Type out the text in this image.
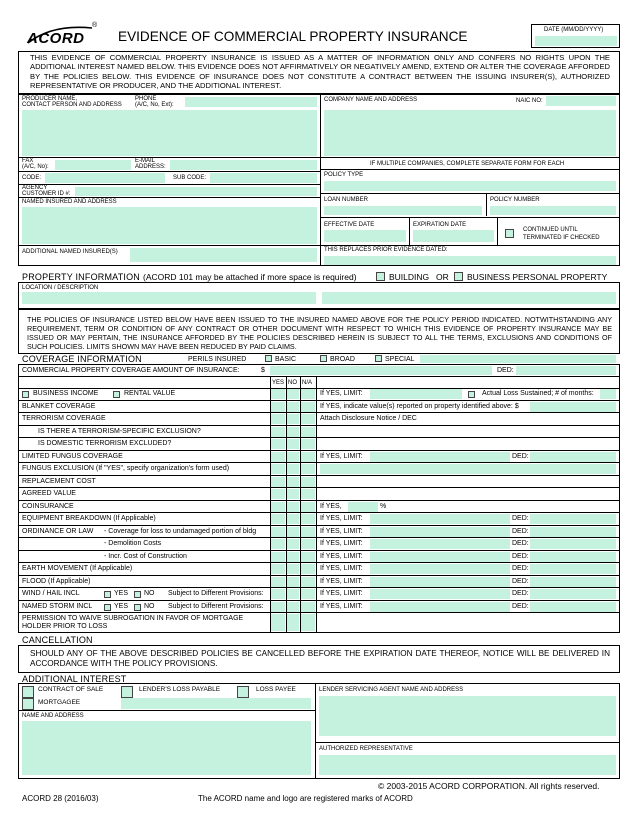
ACORD
®
EVIDENCE OF COMMERCIAL PROPERTY INSURANCE	DATE (MM/DD/YYYY)
THIS EVIDENCE OF COMMERCIAL PROPERTY INSURANCE IS ISSUED AS A MATTER OF INFORMATION ONLY AND CONFERS NO RIGHTS UPON THE ADDITIONAL INTEREST NAMED BELOW. THIS EVIDENCE DOES NOT AFFIRMATIVELY OR NEGATIVELY AMEND, EXTEND OR ALTER THE COVERAGE AFFORDED BY THE POLICIES BELOW. THIS EVIDENCE OF INSURANCE DOES NOT CONSTITUTE A CONTRACT BETWEEN THE ISSUING INSURER(S), AUTHORIZED REPRESENTATIVE OR PRODUCER, AND THE ADDITIONAL INTEREST.
PRODUCER NAME,
CONTACT PERSON AND ADDRESS
PHONE
(A/C, No, Ext):
FAX
(A/C, No):
E-MAIL
ADDRESS:
CODE:	SUB CODE:
AGENCY
CUSTOMER ID #:
NAMED INSURED AND ADDRESS
ADDITIONAL NAMED INSURED(S)
COMPANY NAME AND ADDRESS	NAIC NO:
IF MULTIPLE COMPANIES, COMPLETE SEPARATE FORM FOR EACH
POLICY TYPE
LOAN NUMBER	POLICY NUMBER
EFFECTIVE DATE	EXPIRATION DATE
CONTINUED UNTIL
TERMINATED IF CHECKED
THIS REPLACES PRIOR EVIDENCE DATED:
PROPERTY INFORMATION (ACORD 101 may be attached if more space is required)	BUILDING OR BUSINESS PERSONAL PROPERTY
LOCATION / DESCRIPTION
THE POLICIES OF INSURANCE LISTED BELOW HAVE BEEN ISSUED TO THE INSURED NAMED ABOVE FOR THE POLICY PERIOD INDICATED. NOTWITHSTANDING ANY REQUIREMENT, TERM OR CONDITION OF ANY CONTRACT OR OTHER DOCUMENT WITH RESPECT TO WHICH THIS EVIDENCE OF PROPERTY INSURANCE MAY BE ISSUED OR MAY PERTAIN, THE INSURANCE AFFORDED BY THE POLICIES DESCRIBED HEREIN IS SUBJECT TO ALL THE TERMS, EXCLUSIONS AND CONDITIONS OF SUCH POLICIES. LIMITS SHOWN MAY HAVE BEEN REDUCED BY PAID CLAIMS.
COVERAGE INFORMATION	PERILS INSURED	BASIC	BROAD	SPECIAL
COMMERCIAL PROPERTY COVERAGE AMOUNT OF INSURANCE:	$	DED:
YES NO N/A
BUSINESS INCOME	RENTAL VALUE	If YES, LIMIT:	Actual Loss Sustained; # of months:
BLANKET COVERAGE	If YES, indicate value(s) reported on property identified above: $
TERRORISM COVERAGE	Attach Disclosure Notice / DEC
IS THERE A TERRORISM-SPECIFIC EXCLUSION?
IS DOMESTIC TERRORISM EXCLUDED?
LIMITED FUNGUS COVERAGE	If YES, LIMIT:	DED:
FUNGUS EXCLUSION (If "YES", specify organization's form used)
REPLACEMENT COST
AGREED VALUE
COINSURANCE	If YES,	%
EQUIPMENT BREAKDOWN (If Applicable)	If YES, LIMIT:	DED:
ORDINANCE OR LAW - Coverage for loss to undamaged portion of bldg	If YES, LIMIT:	DED:
- Demolition Costs	If YES, LIMIT:	DED:
- Incr. Cost of Construction	If YES, LIMIT:	DED:
EARTH MOVEMENT (If Applicable)	If YES, LIMIT:	DED:
FLOOD (If Applicable)	If YES, LIMIT:	DED:
WIND / HAIL INCL	YES NO Subject to Different Provisions:	If YES, LIMIT:	DED:
NAMED STORM INCL	YES NO Subject to Different Provisions:	If YES, LIMIT:	DED:
PERMISSION TO WAIVE SUBROGATION IN FAVOR OF MORTGAGE
HOLDER PRIOR TO LOSS
CANCELLATION
SHOULD ANY OF THE ABOVE DESCRIBED POLICIES BE CANCELLED BEFORE THE EXPIRATION DATE THEREOF, NOTICE WILL BE DELIVERED IN ACCORDANCE WITH THE POLICY PROVISIONS.
ADDITIONAL INTEREST
CONTRACT OF SALE	LENDER'S LOSS PAYABLE	LOSS PAYEE
MORTGAGEE
NAME AND ADDRESS
LENDER SERVICING AGENT NAME AND ADDRESS
AUTHORIZED REPRESENTATIVE
© 2003-2015 ACORD CORPORATION. All rights reserved.
ACORD 28 (2016/03)	The ACORD name and logo are registered marks of ACORD
